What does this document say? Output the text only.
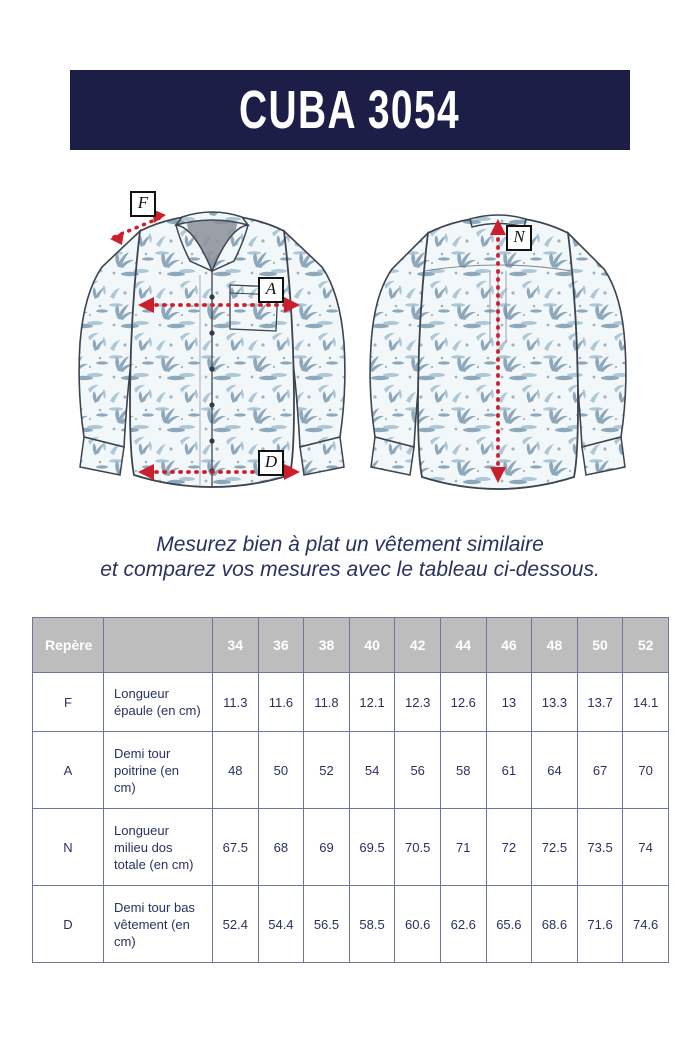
CUBA 3054
F
A
D
N
Mesurez bien à plat un vêtement similaire
et comparez vos mesures avec le tableau ci-dessous.
Repère		34	36	38	40	42	44	46	48	50	52
F	Longueur épaule (en cm)	11.3	11.6	11.8	12.1	12.3	12.6	13	13.3	13.7	14.1
A	Demi tour poitrine (en cm)	48	50	52	54	56	58	61	64	67	70
N	Longueur milieu dos totale (en cm)	67.5	68	69	69.5	70.5	71	72	72.5	73.5	74
D	Demi tour bas vêtement (en cm)	52.4	54.4	56.5	58.5	60.6	62.6	65.6	68.6	71.6	74.6
